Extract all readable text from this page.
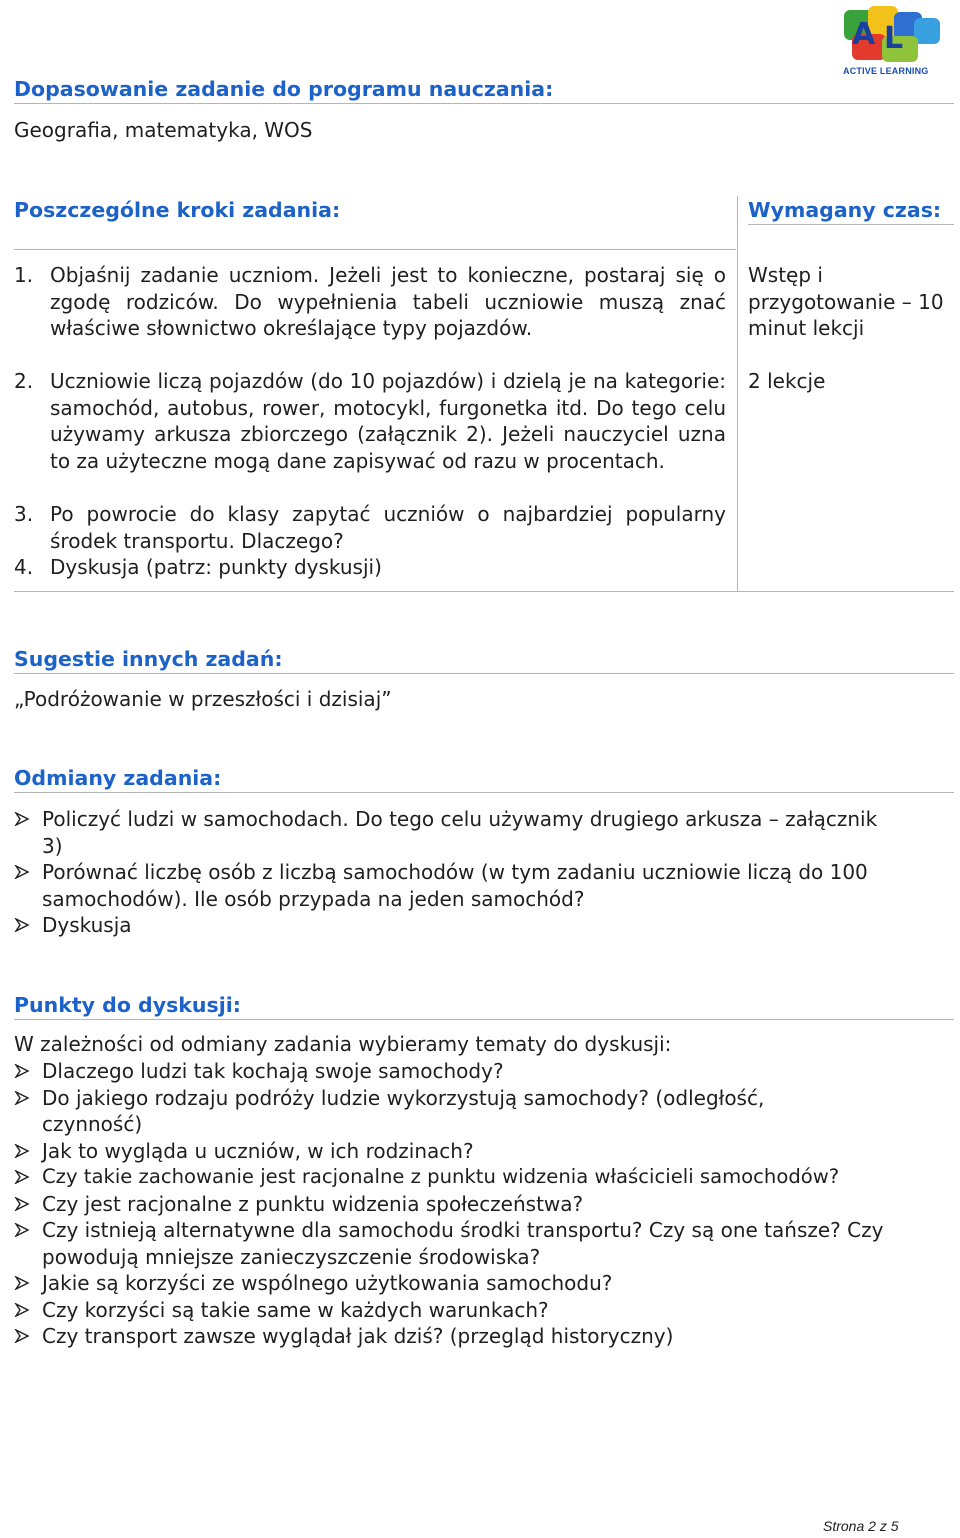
A L
ACTIVE LEARNING
Dopasowanie zadanie do programu nauczania:
Geografia, matematyka, WOS
Poszczególne kroki zadania:	Wymagany czas:
1. Objaśnij zadanie uczniom. Jeżeli jest to konieczne, postaraj się o zgodę rodziców. Do wypełnienia tabeli uczniowie muszą znać właściwe słownictwo określające typy pojazdów.
2. Uczniowie liczą pojazdów (do 10 pojazdów) i dzielą je na kategorie: samochód, autobus, rower, motocykl, furgonetka itd. Do tego celu używamy arkusza zbiorczego (załącznik 2). Jeżeli nauczyciel uzna to za użyteczne mogą dane zapisywać od razu w procentach.
3. Po powrocie do klasy zapytać uczniów o najbardziej popularny środek transportu. Dlaczego?
4. Dyskusja (patrz: punkty dyskusji)
Wstęp i przygotowanie – 10 minut lekcji
2 lekcje
Sugestie innych zadań:
„Podróżowanie w przeszłości i dzisiaj”
Odmiany zadania:
Policzyć ludzi w samochodach. Do tego celu używamy drugiego arkusza – załącznik 3)
Porównać liczbę osób z liczbą samochodów (w tym zadaniu uczniowie liczą do 100 samochodów). Ile osób przypada na jeden samochód?
Dyskusja
Punkty do dyskusji:
W zależności od odmiany zadania wybieramy tematy do dyskusji:
Dlaczego ludzi tak kochają swoje samochody?
Do jakiego rodzaju podróży ludzie wykorzystują samochody? (odległość, czynność)
Jak to wygląda u uczniów, w ich rodzinach?
Czy takie zachowanie jest racjonalne z punktu widzenia właścicieli samochodów?
Czy jest racjonalne z punktu widzenia społeczeństwa?
Czy istnieją alternatywne dla samochodu środki transportu? Czy są one tańsze? Czy powodują mniejsze zanieczyszczenie środowiska?
Jakie są korzyści ze wspólnego użytkowania samochodu?
Czy korzyści są takie same w każdych warunkach?
Czy transport zawsze wyglądał jak dziś? (przegląd historyczny)
Strona 2 z 5
